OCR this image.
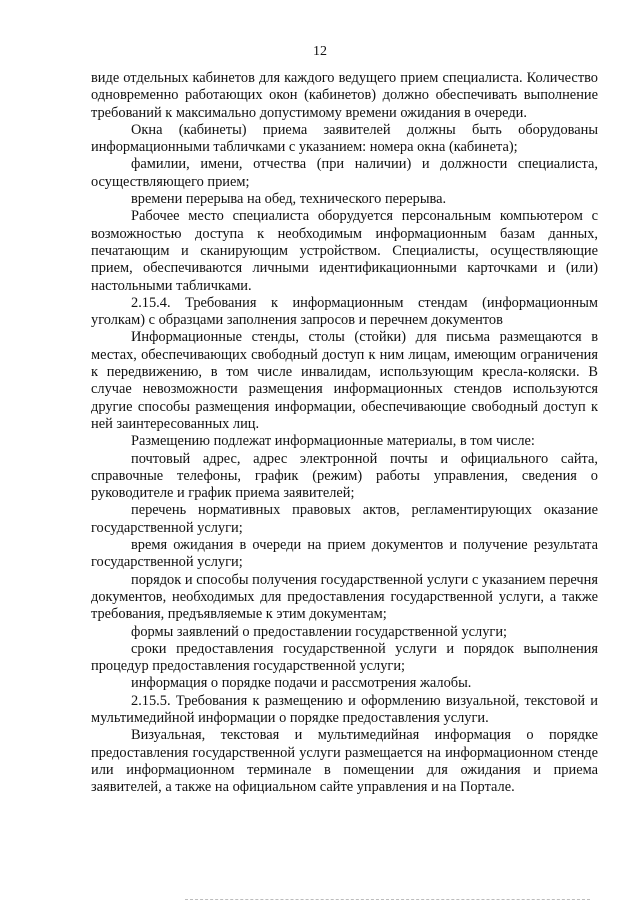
12

виде отдельных кабинетов для каждого ведущего прием специалиста. Количество одновременно работающих окон (кабинетов) должно обеспечивать выполнение требований к максимально допустимому времени ожидания в очереди.

Окна (кабинеты) приема заявителей должны быть оборудованы информационными табличками с указанием: номера окна (кабинета);

фамилии, имени, отчества (при наличии) и должности специалиста, осуществляющего прием;

времени перерыва на обед, технического перерыва.

Рабочее место специалиста оборудуется персональным компьютером с возможностью доступа к необходимым информационным базам данных, печатающим и сканирующим устройством. Специалисты, осуществляющие прием, обеспечиваются личными идентификационными карточками и (или) настольными табличками.

2.15.4. Требования к информационным стендам (информационным уголкам) с образцами заполнения запросов и перечнем документов

Информационные стенды, столы (стойки) для письма размещаются в местах, обеспечивающих свободный доступ к ним лицам, имеющим ограничения к передвижению, в том числе инвалидам, использующим кресла-коляски. В случае невозможности размещения информационных стендов используются другие способы размещения информации, обеспечивающие свободный доступ к ней заинтересованных лиц.

Размещению подлежат информационные материалы, в том числе:

почтовый адрес, адрес электронной почты и официального сайта, справочные телефоны, график (режим) работы управления, сведения о руководителе и график приема заявителей;

перечень нормативных правовых актов, регламентирующих оказание государственной услуги;

время ожидания в очереди на прием документов и получение результата государственной услуги;

порядок и способы получения государственной услуги с указанием перечня документов, необходимых для предоставления государственной услуги, а также требования, предъявляемые к этим документам;

формы заявлений о предоставлении государственной услуги;

сроки предоставления государственной услуги и порядок выполнения процедур предоставления государственной услуги;

информация о порядке подачи и рассмотрения жалобы.

2.15.5. Требования к размещению и оформлению визуальной, текстовой и мультимедийной информации о порядке предоставления услуги.

Визуальная, текстовая и мультимедийная информация о порядке предоставления государственной услуги размещается на информационном стенде или информационном терминале в помещении для ожидания и приема заявителей, а также на официальном сайте управления и на Портале.
